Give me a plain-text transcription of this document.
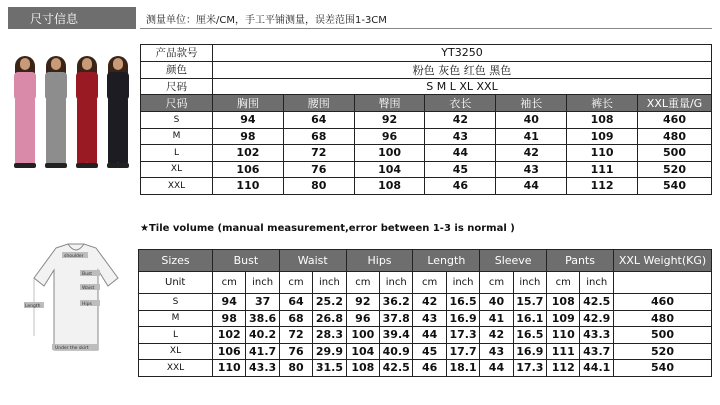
尺寸信息	测量单位：厘米/CM，手工平铺测量，误差范围1-3CM
产品款号	YT3250						
颜色	粉色 灰色 红色 黑色						
尺码	S M L XL XXL						
尺码	胸围	腰围	臀围	衣长	袖长	裤长	XXL重量/G
S	94	64	92	42	40	108	460
M	98	68	96	43	41	109	480
L	102	72	100	44	42	110	500
XL	106	76	104	45	43	111	520
XXL	110	80	108	46	44	112	540
shoulder
Bust
Waist
Hips
Length
Under the skirt
★Tile volume (manual measurement,error between 1-3 is normal )
Sizes	Bust		Waist		Hips		Length		Sleeve		Pants		XXL Weight(KG)
Unit	cm	inch	cm	inch	cm	inch	cm	inch	cm	inch	cm	inch	
S	94	37	64	25.2	92	36.2	42	16.5	40	15.7	108	42.5	460
M	98	38.6	68	26.8	96	37.8	43	16.9	41	16.1	109	42.9	480
L	102	40.2	72	28.3	100	39.4	44	17.3	42	16.5	110	43.3	500
XL	106	41.7	76	29.9	104	40.9	45	17.7	43	16.9	111	43.7	520
XXL	110	43.3	80	31.5	108	42.5	46	18.1	44	17.3	112	44.1	540
